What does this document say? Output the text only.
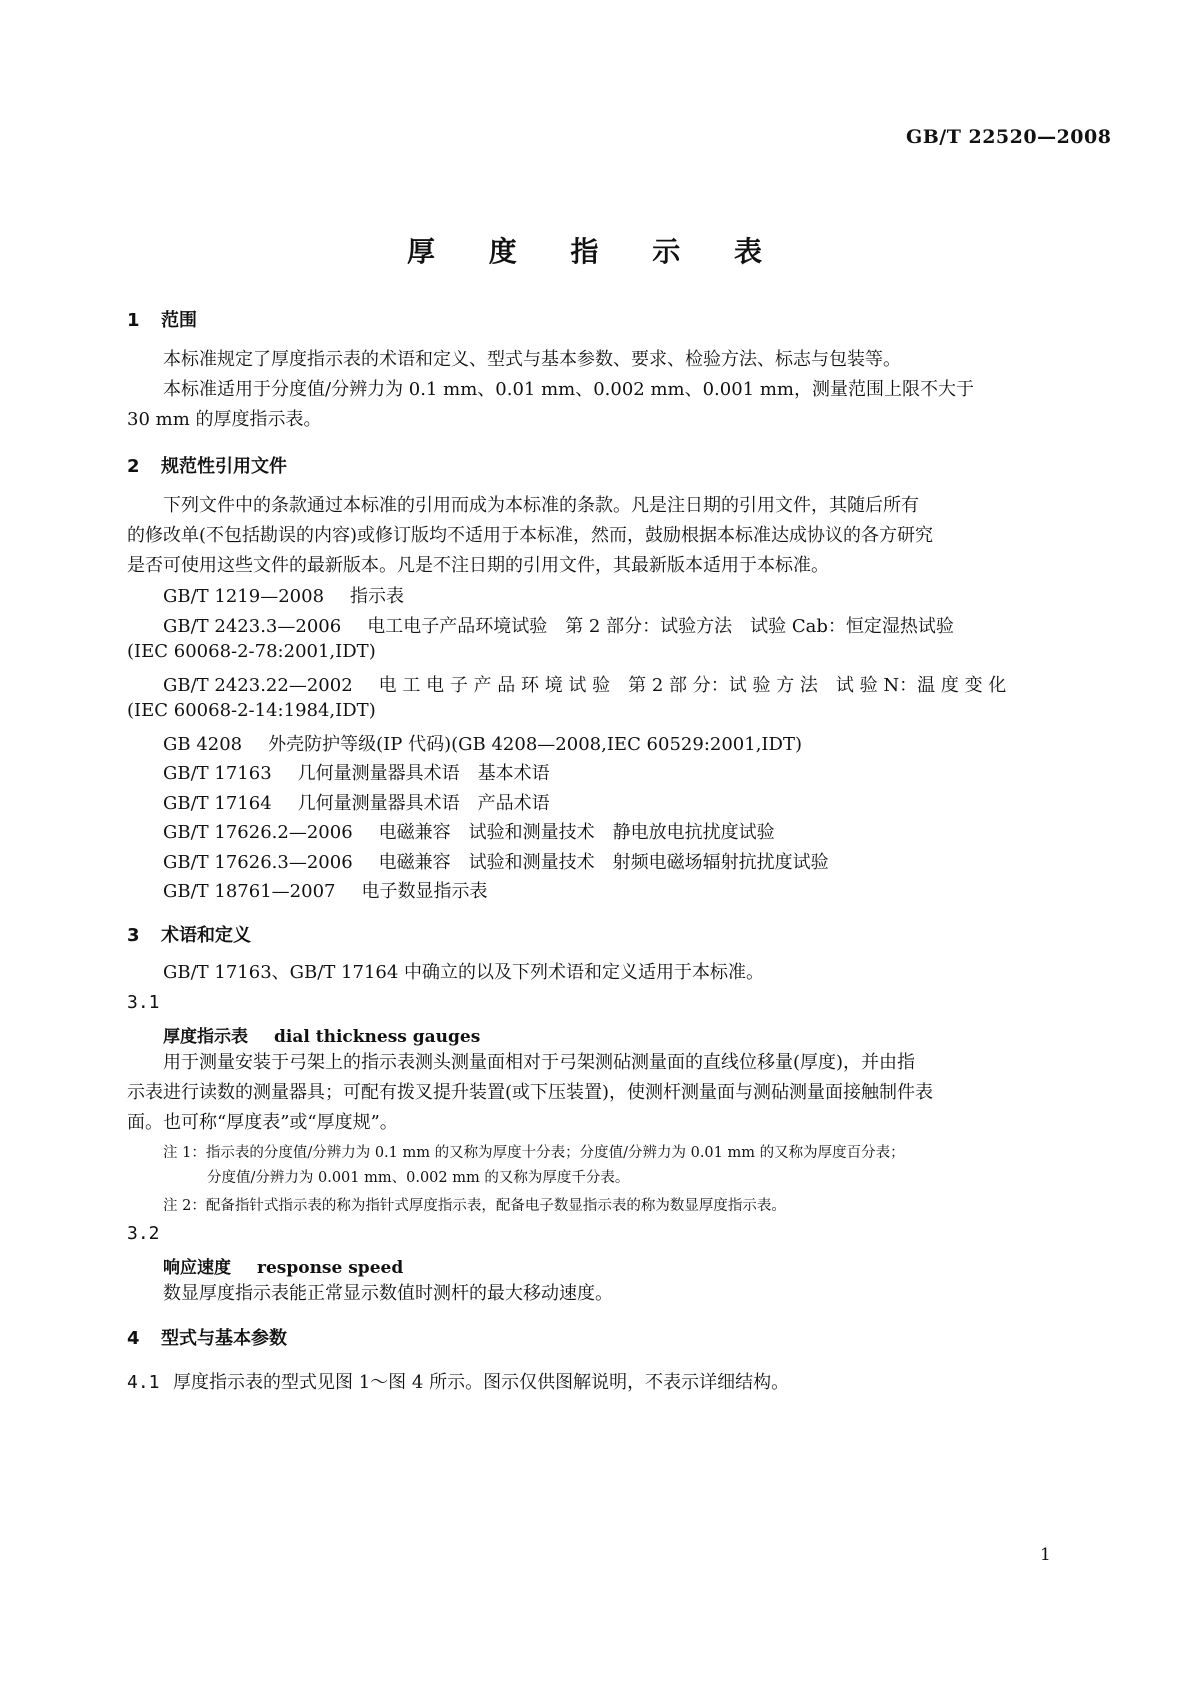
GB/T 22520—2008
厚 度 指 示 表
1 范围
本标准规定了厚度指示表的术语和定义、型式与基本参数、要求、检验方法、标志与包装等。
本标准适用于分度值/分辨力为 0.1 mm、0.01 mm、0.002 mm、0.001 mm，测量范围上限不大于
30 mm 的厚度指示表。
2 规范性引用文件
下列文件中的条款通过本标准的引用而成为本标准的条款。凡是注日期的引用文件，其随后所有
的修改单(不包括勘误的内容)或修订版均不适用于本标准，然而，鼓励根据本标准达成协议的各方研究
是否可使用这些文件的最新版本。凡是不注日期的引用文件，其最新版本适用于本标准。
GB/T 1219—2008 指示表
GB/T 2423.3—2006 电工电子产品环境试验　第 2 部分：试验方法　试验 Cab：恒定湿热试验
(IEC 60068-2-78:2001,IDT)
GB/T 2423.22—2002 电 工 电 子 产 品 环 境 试 验　第 2 部 分：试 验 方 法　试 验 N：温 度 变 化
(IEC 60068-2-14:1984,IDT)
GB 4208 外壳防护等级(IP 代码)(GB 4208—2008,IEC 60529:2001,IDT)
GB/T 17163 几何量测量器具术语　基本术语
GB/T 17164 几何量测量器具术语　产品术语
GB/T 17626.2—2006 电磁兼容　试验和测量技术　静电放电抗扰度试验
GB/T 17626.3—2006 电磁兼容　试验和测量技术　射频电磁场辐射抗扰度试验
GB/T 18761—2007 电子数显指示表
3 术语和定义
GB/T 17163、GB/T 17164 中确立的以及下列术语和定义适用于本标准。
3.1
厚度指示表 dial thickness gauges
用于测量安装于弓架上的指示表测头测量面相对于弓架测砧测量面的直线位移量(厚度)，并由指
示表进行读数的测量器具；可配有拨叉提升装置(或下压装置)，使测杆测量面与测砧测量面接触制件表
面。也可称“厚度表”或“厚度规”。
注 1：指示表的分度值/分辨力为 0.1 mm 的又称为厚度十分表；分度值/分辨力为 0.01 mm 的又称为厚度百分表；
分度值/分辨力为 0.001 mm、0.002 mm 的又称为厚度千分表。
注 2：配备指针式指示表的称为指针式厚度指示表，配备电子数显指示表的称为数显厚度指示表。
3.2
响应速度 response speed
数显厚度指示表能正常显示数值时测杆的最大移动速度。
4 型式与基本参数
4.1 厚度指示表的型式见图 1～图 4 所示。图示仅供图解说明，不表示详细结构。
1
